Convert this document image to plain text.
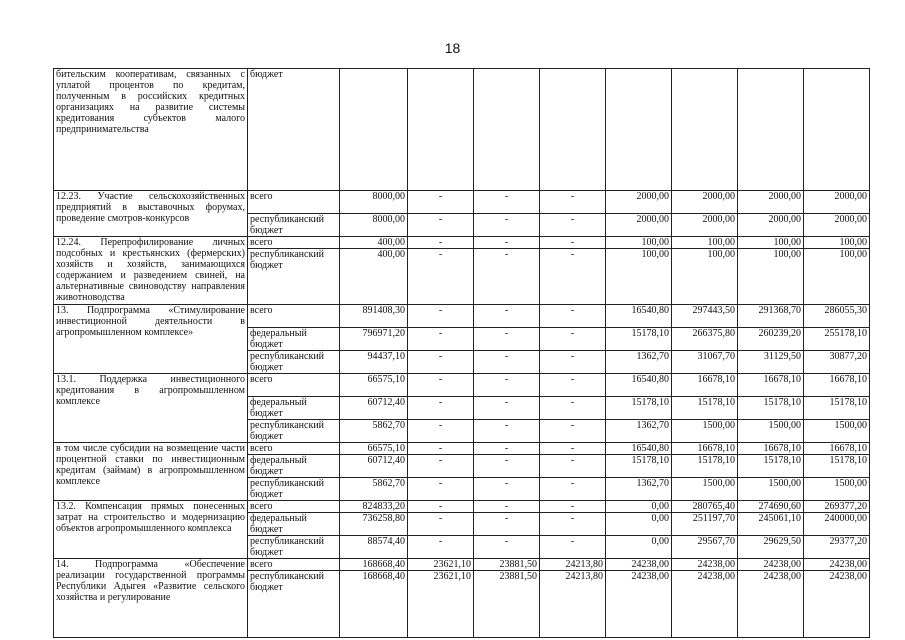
18
бительским кооперативам, связанных с уплатой процентов по кредитам, полученным в российских кредитных организациях на развитие системы кредитования субъектов малого предпринимательства	бюджет								
12.23. Участие сельскохозяйственных предприятий в выставочных форумах, проведение смотров-конкурсов	всего	8000,00	-	-	-	2000,00	2000,00	2000,00	2000,00
	республиканский бюджет	8000,00	-	-	-	2000,00	2000,00	2000,00	2000,00
12.24. Перепрофилирование личных подсобных и крестьянских (фермерских) хозяйств и хозяйств, занимающихся содержанием и разведением свиней, на альтернативные свиноводству направления животноводства	всего	400,00	-	-	-	100,00	100,00	100,00	100,00
	республиканский бюджет	400,00	-	-	-	100,00	100,00	100,00	100,00
13. Подпрограмма «Стимулирование инвестиционной деятельности в агропромышленном комплексе»	всего	891408,30	-	-	-	16540,80	297443,50	291368,70	286055,30
	федеральный бюджет	796971,20	-	-	-	15178,10	266375,80	260239,20	255178,10
	республиканский бюджет	94437,10	-	-	-	1362,70	31067,70	31129,50	30877,20
13.1. Поддержка инвестиционного кредитования в агропромышленном комплексе	всего	66575,10	-	-	-	16540,80	16678,10	16678,10	16678,10
	федеральный бюджет	60712,40	-	-	-	15178,10	15178,10	15178,10	15178,10
	республиканский бюджет	5862,70	-	-	-	1362,70	1500,00	1500,00	1500,00
в том числе субсидии на возмещение части процентной ставки по инвестиционным кредитам (займам) в агропромышленном комплексе	всего	66575,10	-	-	-	16540,80	16678,10	16678,10	16678,10
	федеральный бюджет	60712,40	-	-	-	15178,10	15178,10	15178,10	15178,10
	республиканский бюджет	5862,70	-	-	-	1362,70	1500,00	1500,00	1500,00
13.2. Компенсация прямых понесенных затрат на строительство и модернизацию объектов агропромышленного комплекса	всего	824833,20	-	-	-	0,00	280765,40	274690,60	269377,20
	федеральный бюджет	736258,80	-	-	-	0,00	251197,70	245061,10	240000,00
	республиканский бюджет	88574,40	-	-	-	0,00	29567,70	29629,50	29377,20
14. Подпрограмма «Обеспечение реализации государственной программы Республики Адыгея «Развитие сельского хозяйства и регулирование	всего	168668,40	23621,10	23881,50	24213,80	24238,00	24238,00	24238,00	24238,00
	республиканский бюджет	168668,40	23621,10	23881,50	24213,80	24238,00	24238,00	24238,00	24238,00
